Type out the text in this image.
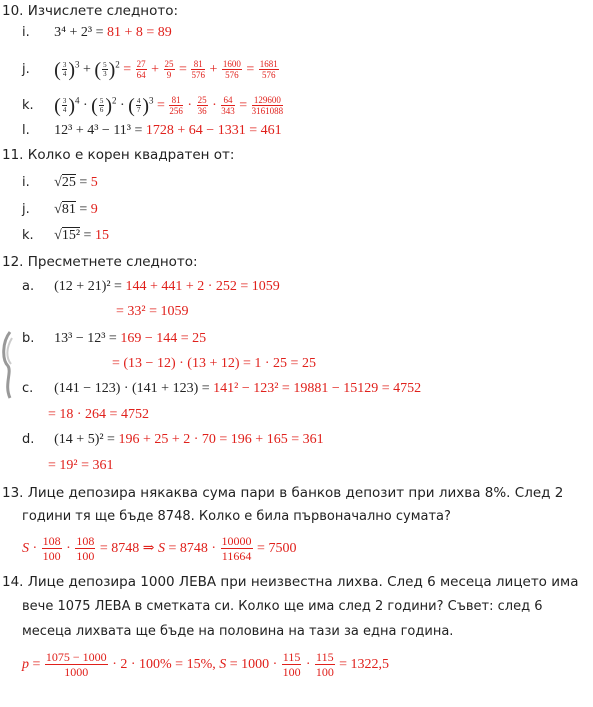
10. Изчислете следното:
i. 3⁴ + 2³ = 81 + 8 = 89
j. ( $\frac{3}{4} )^3$ + ( $\frac{5}{3} )^2 = \frac{27}{64} + \frac{25}{9} = \frac{81}{576} + \frac{1600}{576} = \frac{1681}{576}$
k. ( $\frac{3}{4} )^4$ · ( $\frac{5}{6} )^2$ · ( $\frac{4}{7} )^3 = \frac{81}{256} \cdot \frac{25}{36} \cdot \frac{64}{343} = \frac{129600}{3161088}$
l. 12³ + 4³ − 11³ = 1728 + 64 − 1331 = 461
11. Колко е корен квадратен от:
i. √25 = 5
j. √81 = 9
k. √15² = 15
12. Пресметнете следното:
a. (12 + 21)² = 144 + 441 + 2 · 252 = 1059
= 33² = 1059
b. 13³ − 12³ = 169 − 144 = 25
= (13 − 12) · (13 + 12) = 1 · 25 = 25
c. (141 − 123) · (141 + 123) = 141² − 123² = 19881 − 15129 = 4752
= 18 · 264 = 4752
d. (14 + 5)² = 196 + 25 + 2 · 70 = 196 + 165 = 361
= 19² = 361
13. Лице депозира някаква сума пари в банков депозит при лихва 8%. След 2
години тя ще бъде 8748. Колко е била първоначално сумата?
$S \cdot \frac{108}{100} \cdot \frac{108}{100} = 8748$ ⇒ $S = 8748 \cdot \frac{10000}{11664} = 7500$
14. Лице депозира 1000 ЛЕВА при неизвестна лихва. След 6 месеца лицето има
вече 1075 ЛЕВА в сметката си. Колко ще има след 2 години? Съвет: след 6
месеца лихвата ще бъде на половина на тази за една година.
$p = \frac{1075 - 1000}{1000} \cdot 2 \cdot 100\% = 15\%$, $S = 1000 \cdot \frac{115}{100} \cdot \frac{115}{100} = 1322,5$
